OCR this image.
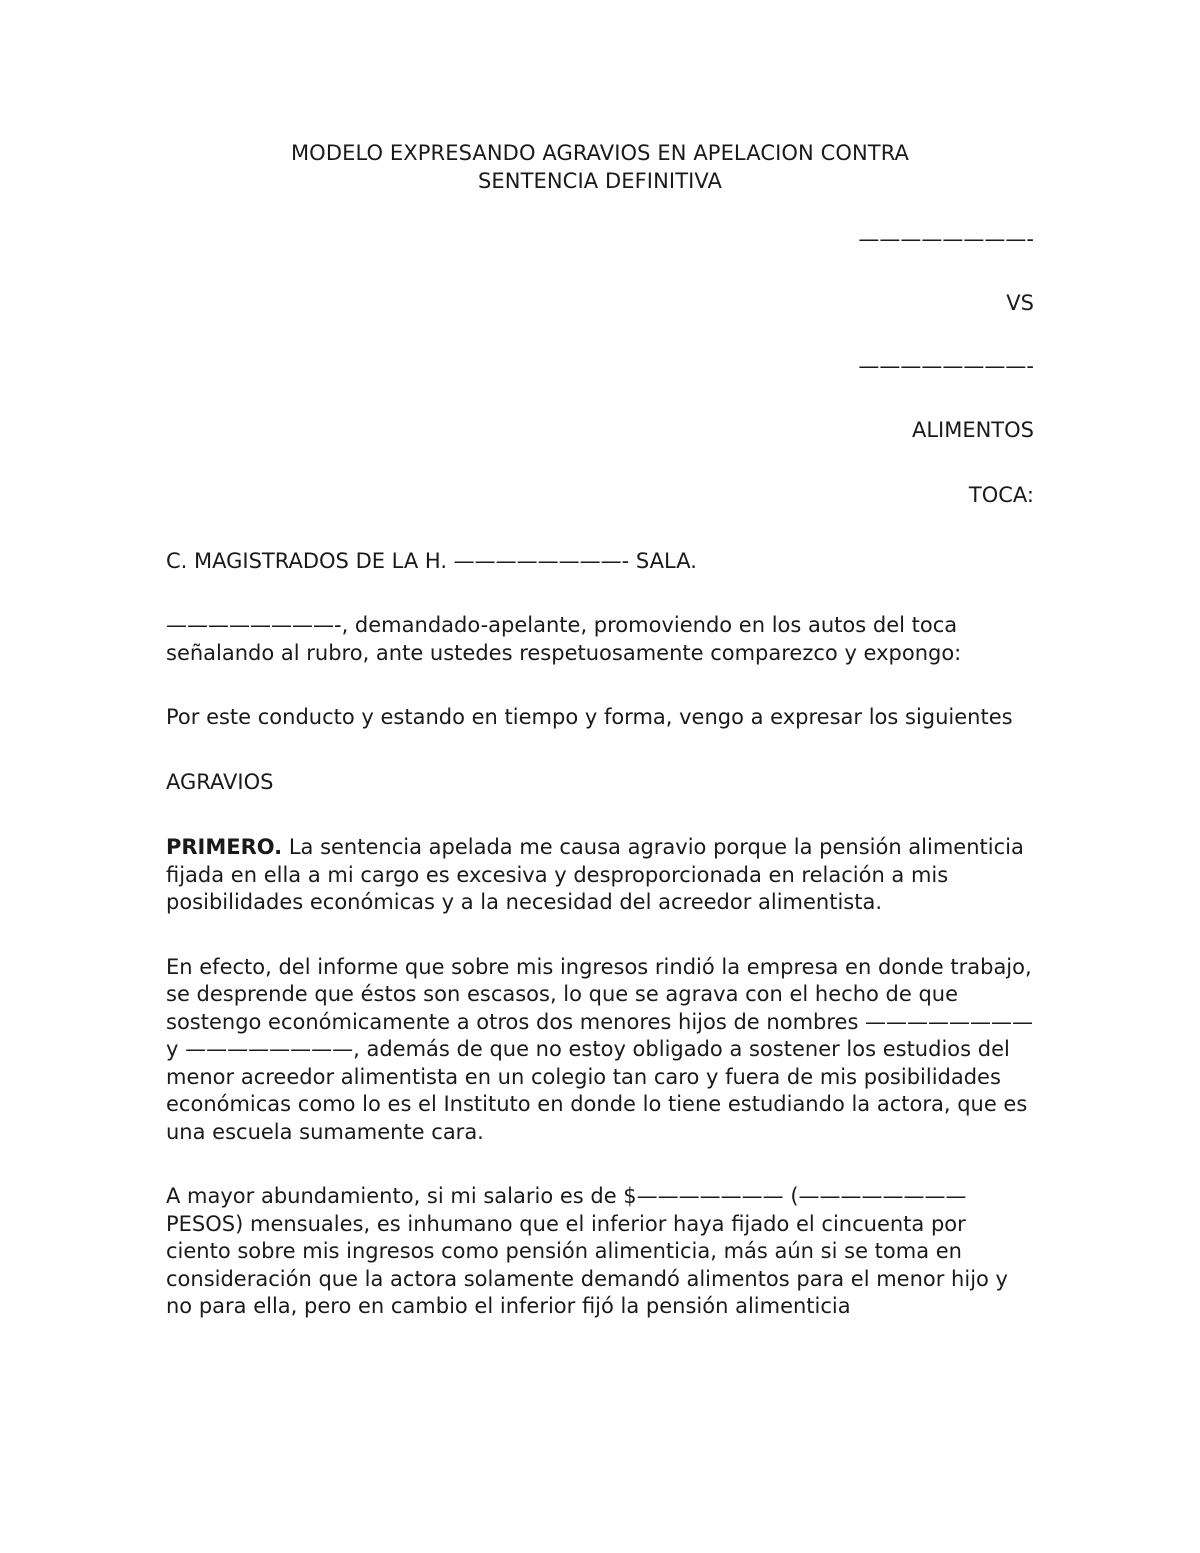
MODELO EXPRESANDO AGRAVIOS EN APELACION CONTRA
SENTENCIA DEFINITIVA

————————-

VS

————————-

ALIMENTOS

TOCA:

C. MAGISTRADOS DE LA H. ————————- SALA.

————————-, demandado-apelante, promoviendo en los autos del toca señalando al rubro, ante ustedes respetuosamente comparezco y expongo:

Por este conducto y estando en tiempo y forma, vengo a expresar los siguientes

AGRAVIOS

PRIMERO. La sentencia apelada me causa agravio porque la pensión alimenticia fijada en ella a mi cargo es excesiva y desproporcionada en relación a mis posibilidades económicas y a la necesidad del acreedor alimentista.

En efecto, del informe que sobre mis ingresos rindió la empresa en donde trabajo, se desprende que éstos son escasos, lo que se agrava con el hecho de que sostengo económicamente a otros dos menores hijos de nombres ———————— y ————————, además de que no estoy obligado a sostener los estudios del menor acreedor alimentista en un colegio tan caro y fuera de mis posibilidades económicas como lo es el Instituto en donde lo tiene estudiando la actora, que es una escuela sumamente cara.

A mayor abundamiento, si mi salario es de $——————— (———————— PESOS) mensuales, es inhumano que el inferior haya fijado el cincuenta por ciento sobre mis ingresos como pensión alimenticia, más aún si se toma en consideración que la actora solamente demandó alimentos para el menor hijo y no para ella, pero en cambio el inferior fijó la pensión alimenticia
